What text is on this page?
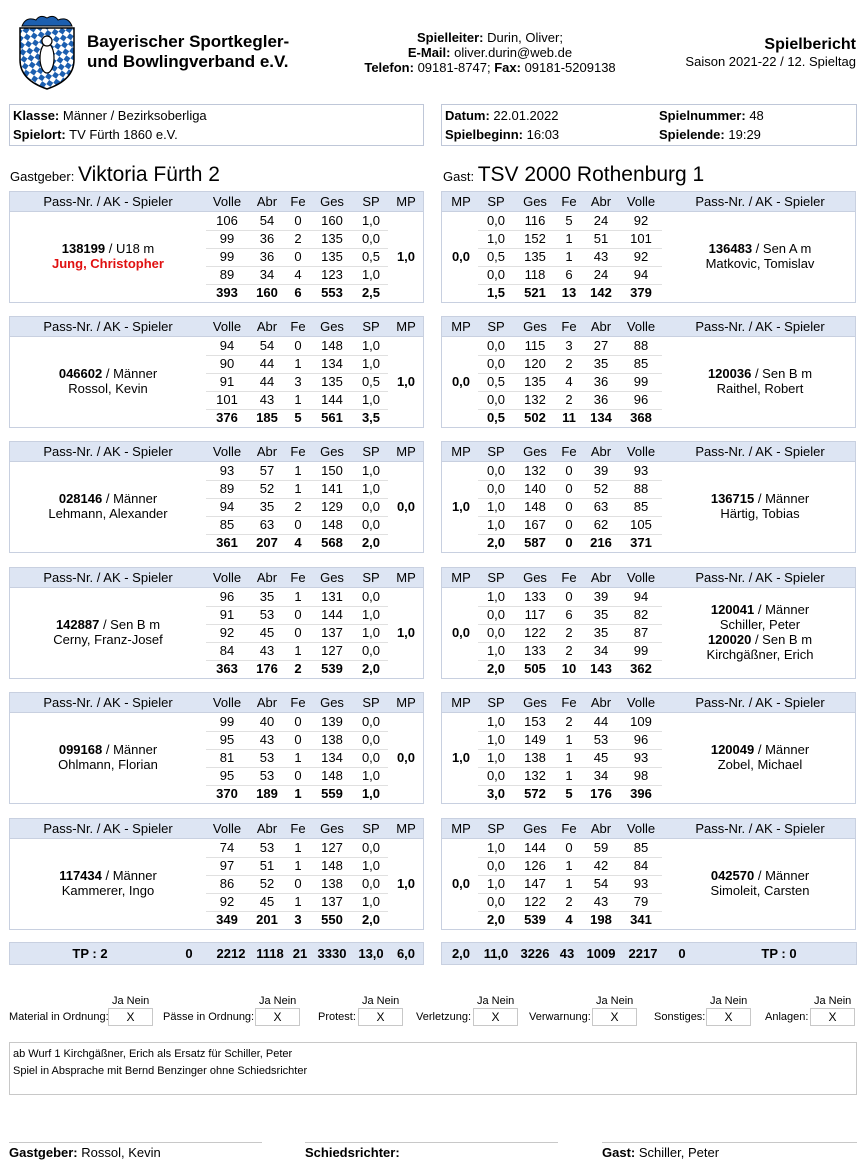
Bayerischer Sportkegler-
und Bowlingverband e.V.
Spielleiter: Durin, Oliver;
E-Mail: oliver.durin@web.de
Telefon: 09181-8747; Fax: 09181-5209138
Spielbericht
Saison 2021-22 / 12. Spieltag
Klasse: Männer / Bezirksoberliga
Spielort: TV Fürth 1860 e.V.
Datum: 22.01.2022
Spielbeginn: 16:03
Spielnummer: 48
Spielende: 19:29
Gastgeber: Viktoria Fürth 2	Gast: TSV 2000 Rothenburg 1
Pass-Nr. / AK - Spieler	Volle	Abr	Fe	Ges	SP	MP
106	54	0	160	1,0
99	36	2	135	0,0
99	36	0	135	0,5
89	34	4	123	1,0
393	160	6	553	2,5
1,0
138199 / U18 m
Jung, Christopher
MP	SP	Ges	Fe	Abr	Volle	Pass-Nr. / AK - Spieler
0,0	116	5	24	92
1,0	152	1	51	101
0,5	135	1	43	92
0,0	118	6	24	94
1,5	521	13	142	379
0,0
136483 / Sen A m
Matkovic, Tomislav
Pass-Nr. / AK - Spieler	Volle	Abr	Fe	Ges	SP	MP
94	54	0	148	1,0
90	44	1	134	1,0
91	44	3	135	0,5
101	43	1	144	1,0
376	185	5	561	3,5
1,0
046602 / Männer
Rossol, Kevin
MP	SP	Ges	Fe	Abr	Volle	Pass-Nr. / AK - Spieler
0,0	115	3	27	88
0,0	120	2	35	85
0,5	135	4	36	99
0,0	132	2	36	96
0,5	502	11	134	368
0,0
120036 / Sen B m
Raithel, Robert
Pass-Nr. / AK - Spieler	Volle	Abr	Fe	Ges	SP	MP
93	57	1	150	1,0
89	52	1	141	1,0
94	35	2	129	0,0
85	63	0	148	0,0
361	207	4	568	2,0
0,0
028146 / Männer
Lehmann, Alexander
MP	SP	Ges	Fe	Abr	Volle	Pass-Nr. / AK - Spieler
0,0	132	0	39	93
0,0	140	0	52	88
1,0	148	0	63	85
1,0	167	0	62	105
2,0	587	0	216	371
1,0
136715 / Männer
Härtig, Tobias
Pass-Nr. / AK - Spieler	Volle	Abr	Fe	Ges	SP	MP
96	35	1	131	0,0
91	53	0	144	1,0
92	45	0	137	1,0
84	43	1	127	0,0
363	176	2	539	2,0
1,0
142887 / Sen B m
Cerny, Franz-Josef
MP	SP	Ges	Fe	Abr	Volle	Pass-Nr. / AK - Spieler
1,0	133	0	39	94
0,0	117	6	35	82
0,0	122	2	35	87
1,0	133	2	34	99
2,0	505	10	143	362
0,0
120041 / Männer
Schiller, Peter
120020 / Sen B m
Kirchgäßner, Erich
Pass-Nr. / AK - Spieler	Volle	Abr	Fe	Ges	SP	MP
99	40	0	139	0,0
95	43	0	138	0,0
81	53	1	134	0,0
95	53	0	148	1,0
370	189	1	559	1,0
0,0
099168 / Männer
Ohlmann, Florian
MP	SP	Ges	Fe	Abr	Volle	Pass-Nr. / AK - Spieler
1,0	153	2	44	109
1,0	149	1	53	96
1,0	138	1	45	93
0,0	132	1	34	98
3,0	572	5	176	396
1,0
120049 / Männer
Zobel, Michael
Pass-Nr. / AK - Spieler	Volle	Abr	Fe	Ges	SP	MP
74	53	1	127	0,0
97	51	1	148	1,0
86	52	0	138	0,0
92	45	1	137	1,0
349	201	3	550	2,0
1,0
117434 / Männer
Kammerer, Ingo
MP	SP	Ges	Fe	Abr	Volle	Pass-Nr. / AK - Spieler
1,0	144	0	59	85
0,0	126	1	42	84
1,0	147	1	54	93
0,0	122	2	43	79
2,0	539	4	198	341
0,0
042570 / Männer
Simoleit, Carsten
TP : 2	0	2212 1118 21 3330 13,0	6,0	2,0	11,0 3226 43 1009	2217	0	TP : 0
Material in Ordnung:
Ja Nein
X	Pässe in Ordnung:
Ja Nein
X	Protest:
Ja Nein
X	Verletzung:
Ja Nein
X	Verwarnung:
Ja Nein
X	Sonstiges:
Ja Nein
X	Anlagen:
Ja Nein
X
ab Wurf 1 Kirchgäßner, Erich als Ersatz für Schiller, Peter
Spiel in Absprache mit Bernd Benzinger ohne Schiedsrichter
Gastgeber: Rossol, Kevin	Schiedsrichter:	Gast: Schiller, Peter
